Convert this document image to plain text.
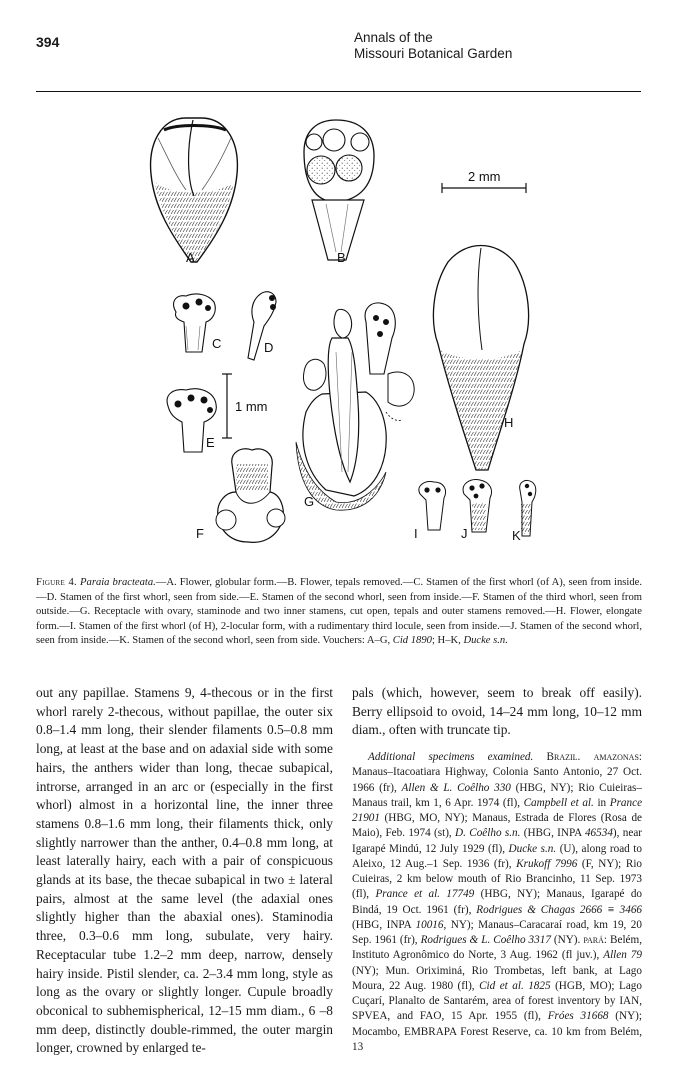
394	Annals of the
Missouri Botanical Garden
A	B
2 mm
H
C	D
1 mm
E
F
G
I	J	K
Figure 4. Paraia bracteata.—A. Flower, globular form.—B. Flower, tepals removed.—C. Stamen of the first whorl (of A), seen from inside.—D. Stamen of the first whorl, seen from side.—E. Stamen of the second whorl, seen from inside.—F. Stamen of the third whorl, seen from outside.—G. Receptacle with ovary, staminode and two inner stamens, cut open, tepals and outer stamens removed.—H. Flower, elongate form.—I. Stamen of the first whorl (of H), 2-locular form, with a rudimentary third locule, seen from inside.—J. Stamen of the second whorl, seen from inside.—K. Stamen of the second whorl, seen from side. Vouchers: A–G, Cid 1890; H–K, Ducke s.n.
out any papillae. Stamens 9, 4-thecous or in the first whorl rarely 2-thecous, without papillae, the outer six 0.8–1.4 mm long, their slender filaments 0.5–0.8 mm long, at least at the base and on adaxial side with some hairs, the anthers wider than long, thecae subapical, introrse, arranged in an arc or (especially in the first whorl) almost in a horizontal line, the inner three stamens 0.8–1.6 mm long, their filaments thick, only slightly narrower than the anther, 0.4–0.8 mm long, at least laterally hairy, each with a pair of conspicuous glands at its base, the thecae subapical in two ± lateral pairs, almost at the same level (the adaxial ones slightly higher than the abaxial ones). Staminodia three, 0.3–0.6 mm long, subulate, very hairy. Receptacular tube 1.2–2 mm deep, narrow, densely hairy inside. Pistil slender, ca. 2–3.4 mm long, style as long as the ovary or slightly longer. Cupule broadly obconical to subhemispherical, 12–15 mm diam., 6 –8 mm deep, distinctly double-rimmed, the outer margin longer, crowned by enlarged te-
pals (which, however, seem to break off easily). Berry ellipsoid to ovoid, 14–24 mm long, 10–12 mm diam., often with truncate tip.
Additional specimens examined. Brazil. amazonas: Manaus–Itacoatiara Highway, Colonia Santo Antonio, 27 Oct. 1966 (fr), Allen & L. Coêlho 330 (HBG, NY); Rio Cuieiras–Manaus trail, km 1, 6 Apr. 1974 (fl), Campbell et al. in Prance 21901 (HBG, MO, NY); Manaus, Estrada de Flores (Rosa de Maio), Feb. 1974 (st), D. Coêlho s.n. (HBG, INPA 46534), near Igarapé Mindú, 12 July 1929 (fl), Ducke s.n. (U), along road to Aleixo, 12 Aug.–1 Sep. 1936 (fr), Krukoff 7996 (F, NY); Rio Cuieiras, 2 km below mouth of Rio Brancinho, 11 Sep. 1973 (fl), Prance et al. 17749 (HBG, NY); Manaus, Igarapé do Bindá, 19 Oct. 1961 (fr), Rodrigues & Chagas 2666 ≡ 3466 (HBG, INPA 10016, NY); Manaus–Caracaraí road, km 19, 20 Sep. 1961 (fr), Rodrigues & L. Coêlho 3317 (NY). pará: Belém, Instituto Agronômico do Norte, 3 Aug. 1962 (fl juv.), Allen 79 (NY); Mun. Oriximiná, Rio Trombetas, left bank, at Lago Moura, 22 Aug. 1980 (fl), Cid et al. 1825 (HGB, MO); Lago Cuçarí, Planalto de Santarém, area of forest inventory by IAN, SPVEA, and FAO, 15 Apr. 1955 (fl), Fróes 31668 (NY); Mocambo, EMBRAPA Forest Reserve, ca. 10 km from Belém, 13
